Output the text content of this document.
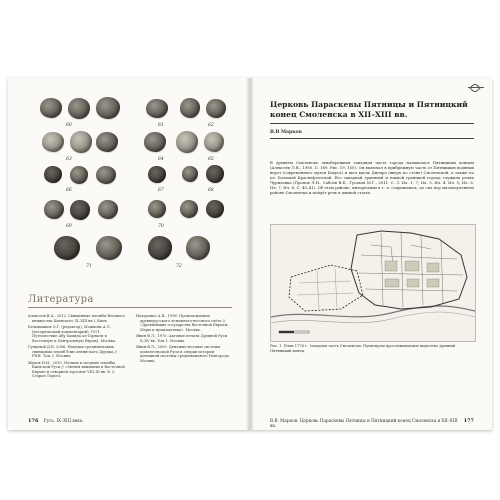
60	61	62
63	64	65
66	67	68
69	70
71	72
Литература
Алексеев В.А., 2012. Священные пломбы Великого княжества Киевского (X–XIII вв.). Киев.
Бельяшиков О.Г. (редактор), Мошкова А.Л. (исторический комментарий), 1971. Путешествие Абу Хамида ал-Гарнати в Восточную и Центральную Европу. Москва.
Гунцевой Д.К. 2006. Находки средневековых свинцовых пломб близ антинского Друцка // РНИ. Том 2. Москва.
Жуков Н.И., 2010. Мелкие и поздние пломбы Киевской Руси // «Звенея внимание в Восточной Европе и северной торговле VIII–XI вв. № 3. Старая Ладога.
Назаренко А.В., 1996. Происхождение древнерусского денежного-весового счёта // «Древнейшие государства Восточной Европы. Меры и нумизматика». Москва.
Янин В.Л., 1970. Актовые печати Древней Руси X–XV вв. Том 1. Москва.
Янин В.Л., 2009. Денежно-весовые системы домонгольской Руси и очерки истории денежной системы средневекового Новгорода. Москва.
176 Русь. IX–XIII века.
Церковь Параскевы Пятницы и Пятницкий конец Смоленска в XII–XIII вв.
В.В Марков
В древнем Смоленске левобережная западная часть города называлась Пятницким концом (Алексеев Л.В., 1980. С. 169. Рис. 19, 150). Он включал в прибрежную часть от Пятницких водяных ворот (современного музея Бахуса) и шел вдоль Днепра (вверх по стене) Смоленской, а также по ул. Большой Краснофлотской. Его западной границей и южной границей города служила речка Чуриловка (Пропов Л.Н., Сабоев В.Е., Гусаков М.Г., 2011. С. 3. Ил. 1, 7; Ил. 3. Ил. 4. Ил. 5; Ил. 6, Ил. 7, Ил. 8. С. 40–41). Об этом районе, интересным в т. ч. сохранились, до сих пор малоизученном районе Смоленска и пойдёт речь в данной статье.
Рис. 1. План 1776 г. Западная часть Смоленска. Пунктиром прослеживаемые выделено древний Пятницкий конец.
В.В. Марков. Церковь Параскевы Пятницы и Пятницкий конец Смоленска в XII–XIII вв.
177
